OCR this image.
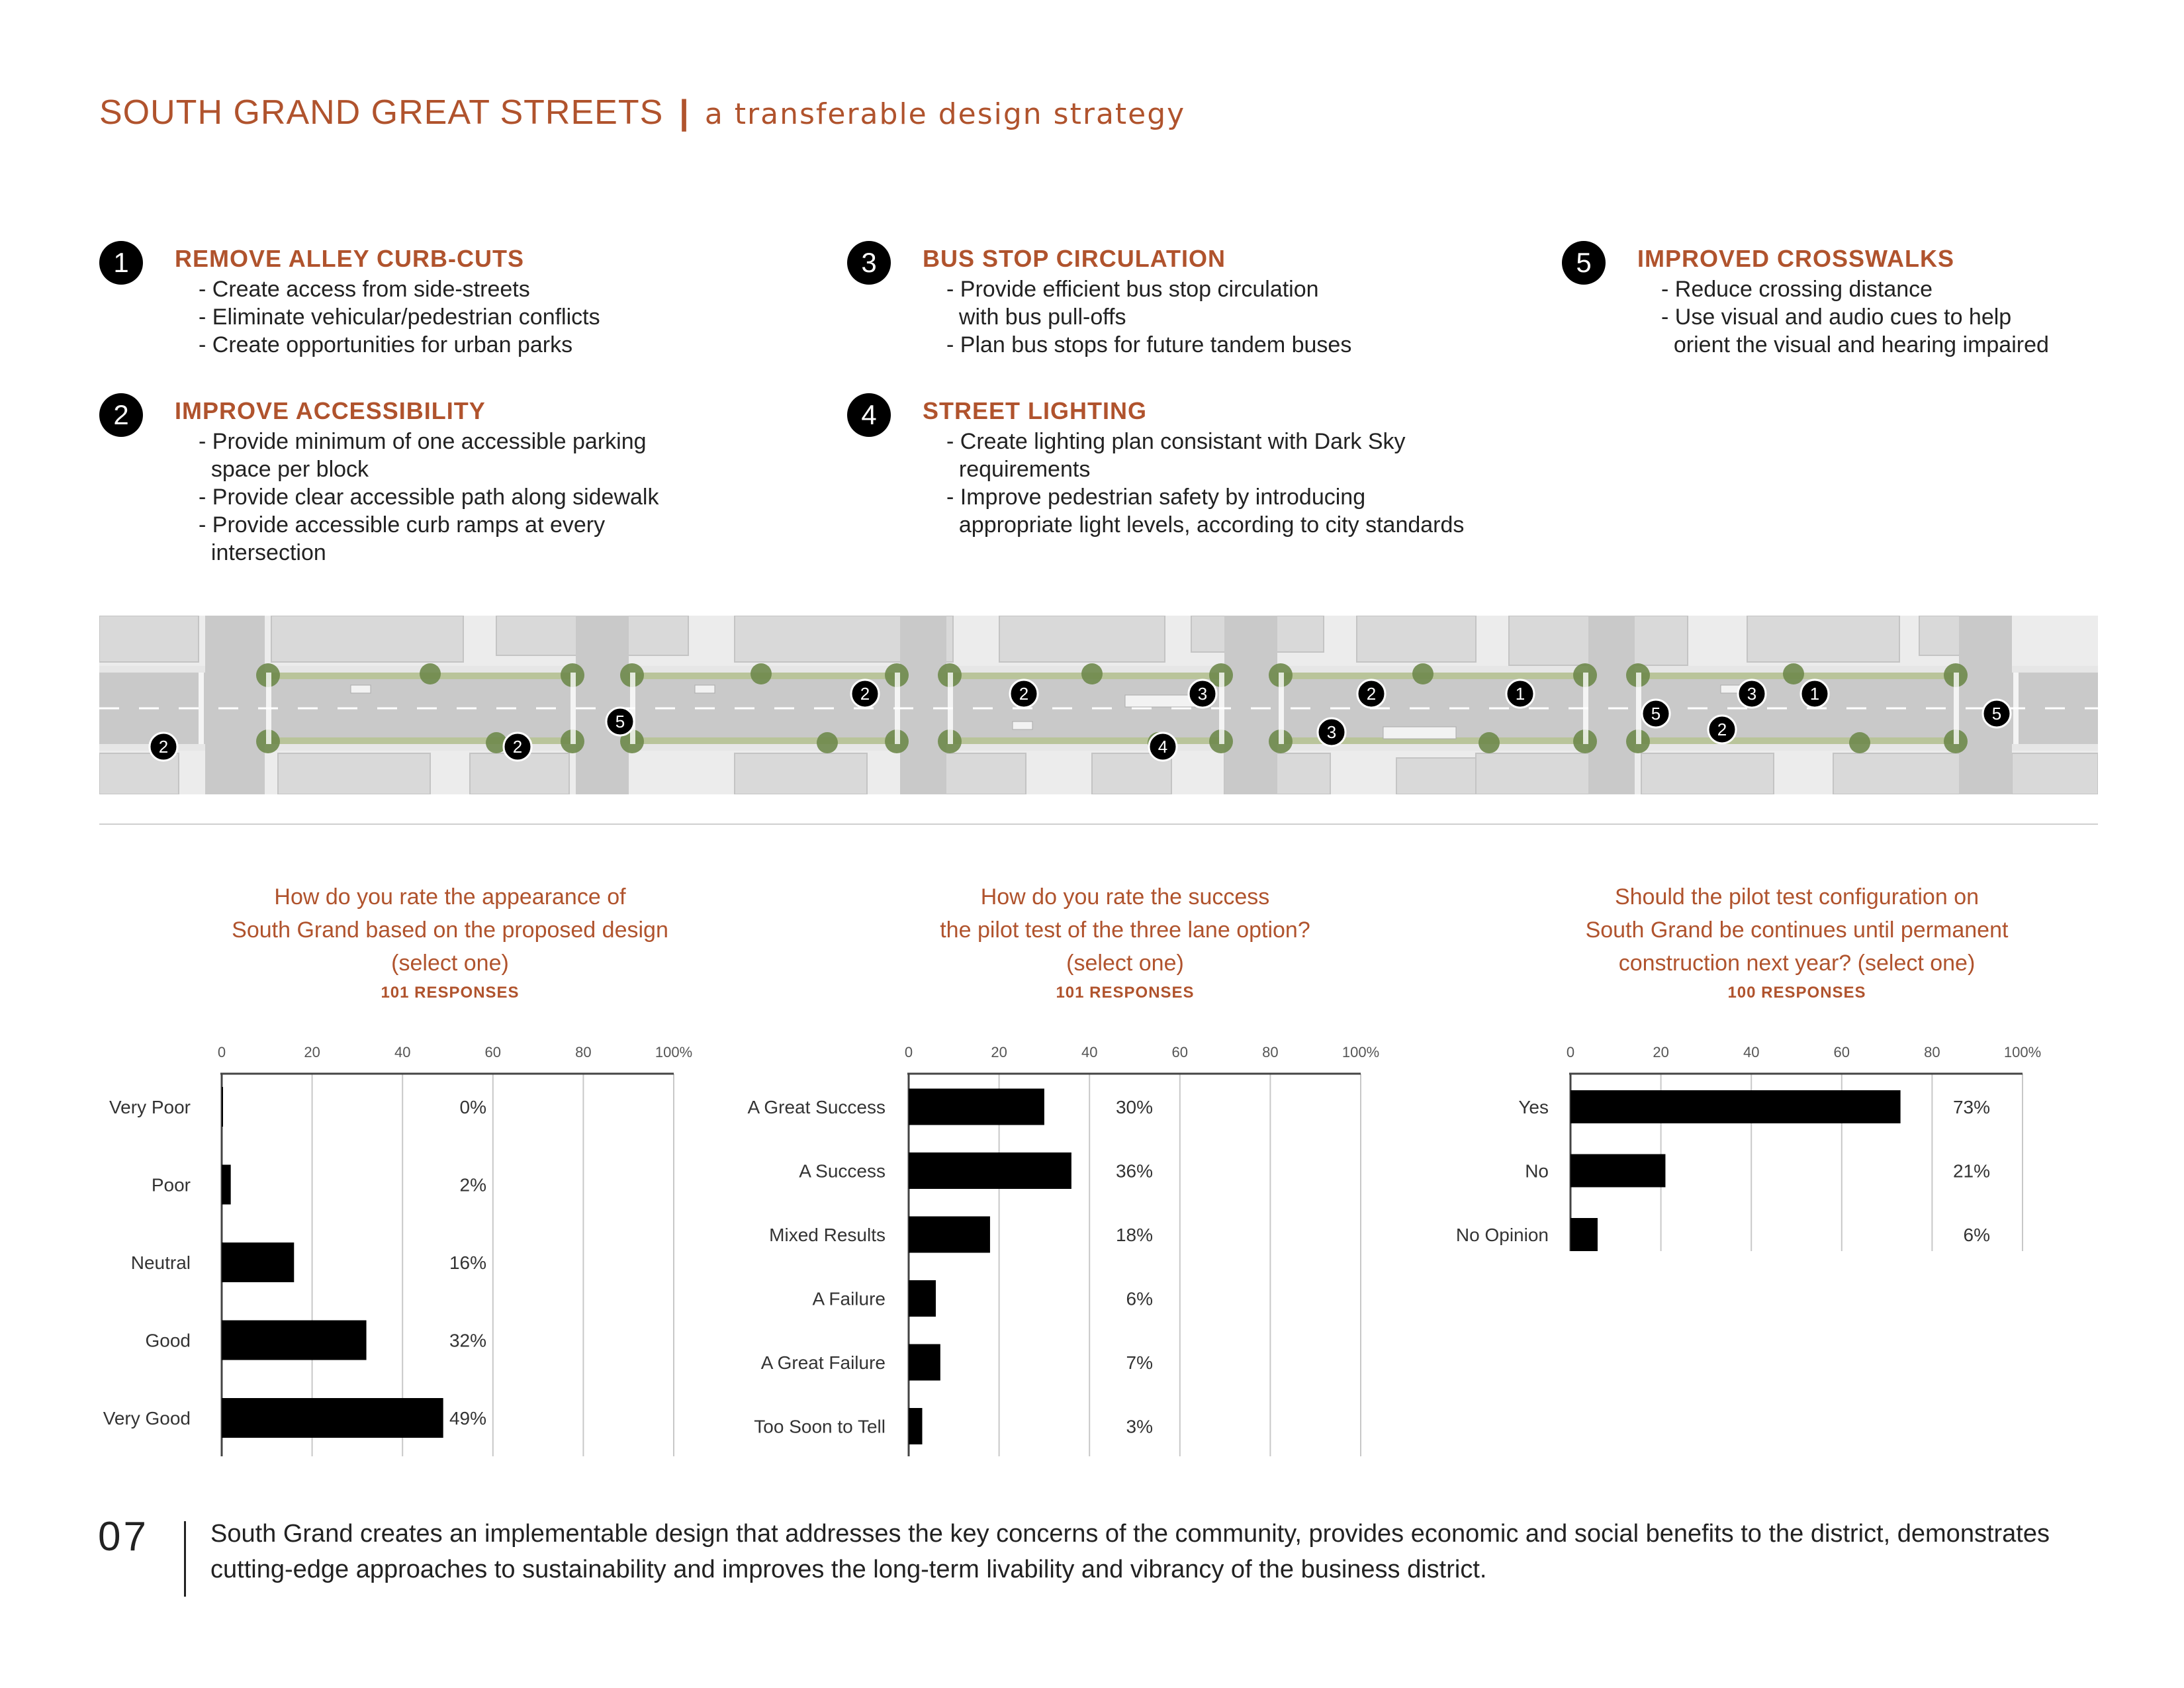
SOUTH GRAND GREAT STREETS | a transferable design strategy
1	REMOVE ALLEY CURB-CUTS
- Create access from side-streets
- Eliminate vehicular/pedestrian conflicts
- Create opportunities for urban parks
2	IMPROVE ACCESSIBILITY
- Provide minimum of one accessible parking
space per block
- Provide clear accessible path along sidewalk
- Provide accessible curb ramps at every
intersection
3	BUS STOP CIRCULATION
- Provide efficient bus stop circulation
with bus pull-offs
- Plan bus stops for future tandem buses
4	STREET LIGHTING
- Create lighting plan consistant with Dark Sky
requirements
- Improve pedestrian safety by introducing
appropriate light levels, according to city standards
5	IMPROVED CROSSWALKS
- Reduce crossing distance
- Use visual and audio cues to help
orient the visual and hearing impaired
2	2
5
2	2	3
4
3
2	1
5
2
3	1
5
How do you rate the appearance of
South Grand based on the proposed design
(select one)
101 RESPONSES
How do you rate the success
the pilot test of the three lane option?
(select one)
101 RESPONSES
Should the pilot test configuration on
South Grand be continues until permanent
construction next year? (select one)
100 RESPONSES
0	20	40	60	80	100%
Very Poor	0%
Poor	2%
Neutral	16%
Good	32%
Very Good	49%
0	20	40	60	80	100%
A Great Success	30%
A Success	36%
Mixed Results	18%
A Failure	6%
A Great Failure	7%
Too Soon to Tell	3%
0	20	40	60	80	100%
Yes	73%
No	21%
No Opinion	6%
07 South Grand creates an implementable design that addresses the key concerns of the community, provides economic and social benefits to the district, demonstrates cutting-edge approaches to sustainability and improves the long-term livability and vibrancy of the business district.
